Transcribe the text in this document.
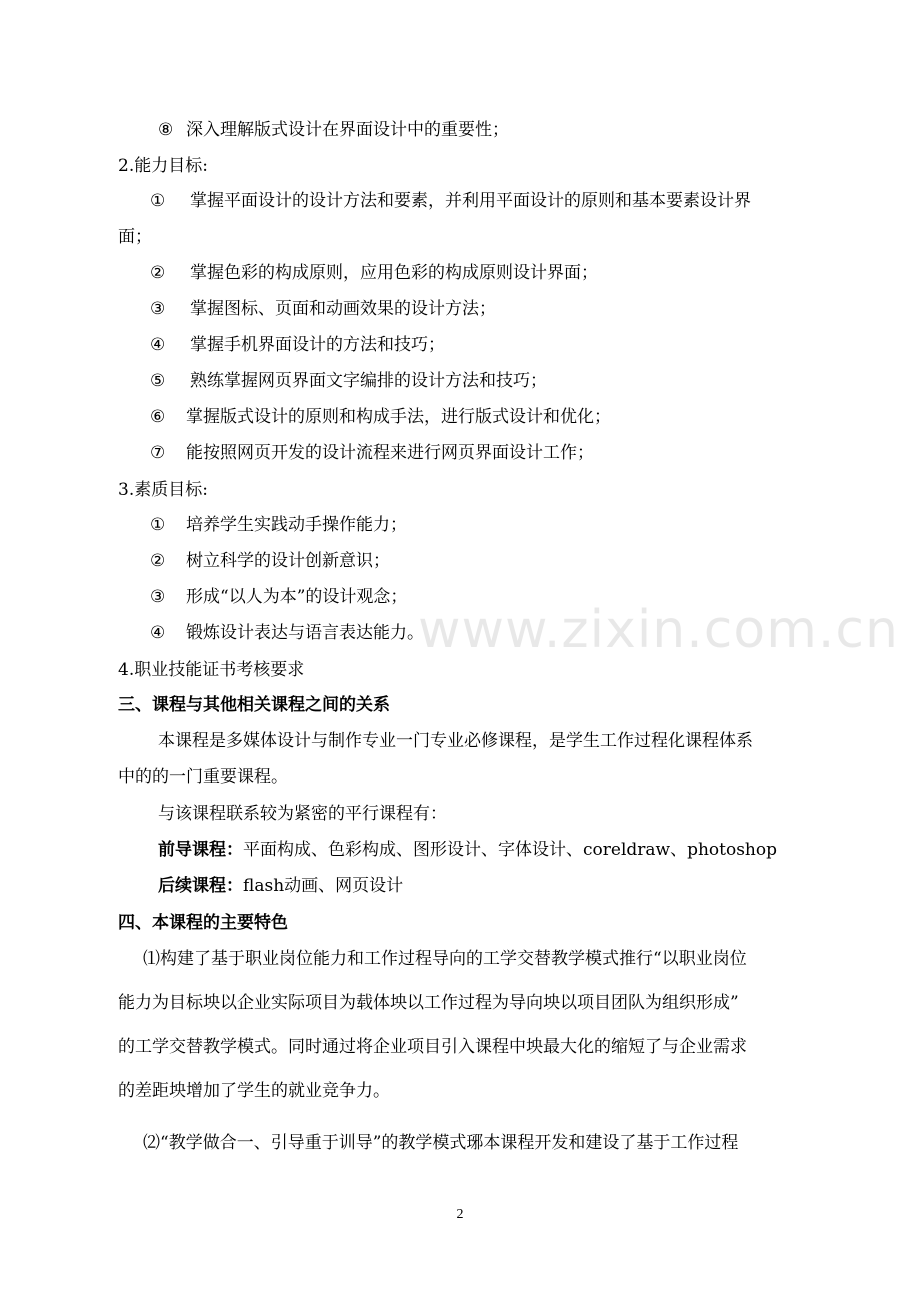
⑧ 深入理解版式设计在界面设计中的重要性；
2.能力目标:
① 掌握平面设计的设计方法和要素，并利用平面设计的原则和基本要素设计界
面；
② 掌握色彩的构成原则，应用色彩的构成原则设计界面；
③ 掌握图标、页面和动画效果的设计方法；
④ 掌握手机界面设计的方法和技巧；
⑤ 熟练掌握网页界面文字编排的设计方法和技巧；
⑥ 掌握版式设计的原则和构成手法，进行版式设计和优化；
⑦ 能按照网页开发的设计流程来进行网页界面设计工作；
3.素质目标:
① 培养学生实践动手操作能力；
② 树立科学的设计创新意识；
③ 形成“以人为本”的设计观念；
④ 锻炼设计表达与语言表达能力。
4.职业技能证书考核要求
三、课程与其他相关课程之间的关系
本课程是多媒体设计与制作专业一门专业必修课程，是学生工作过程化课程体系
中的的一门重要课程。
与该课程联系较为紧密的平行课程有：
前导课程：平面构成、色彩构成、图形设计、字体设计、coreldraw、photoshop
后续课程：flash动画、网页设计
四、本课程的主要特色
⑴构建了基于职业岗位能力和工作过程导向的工学交替教学模式推行“以职业岗位
能力为目标坱以企业实际项目为载体坱以工作过程为导向坱以项目团队为组织形成”
的工学交替教学模式。同时通过将企业项目引入课程中坱最大化的缩短了与企业需求
的差距坱增加了学生的就业竞争力。
⑵“教学做合一、引导重于训导”的教学模式琊本课程开发和建设了基于工作过程
www.zixin.com.cn
2
